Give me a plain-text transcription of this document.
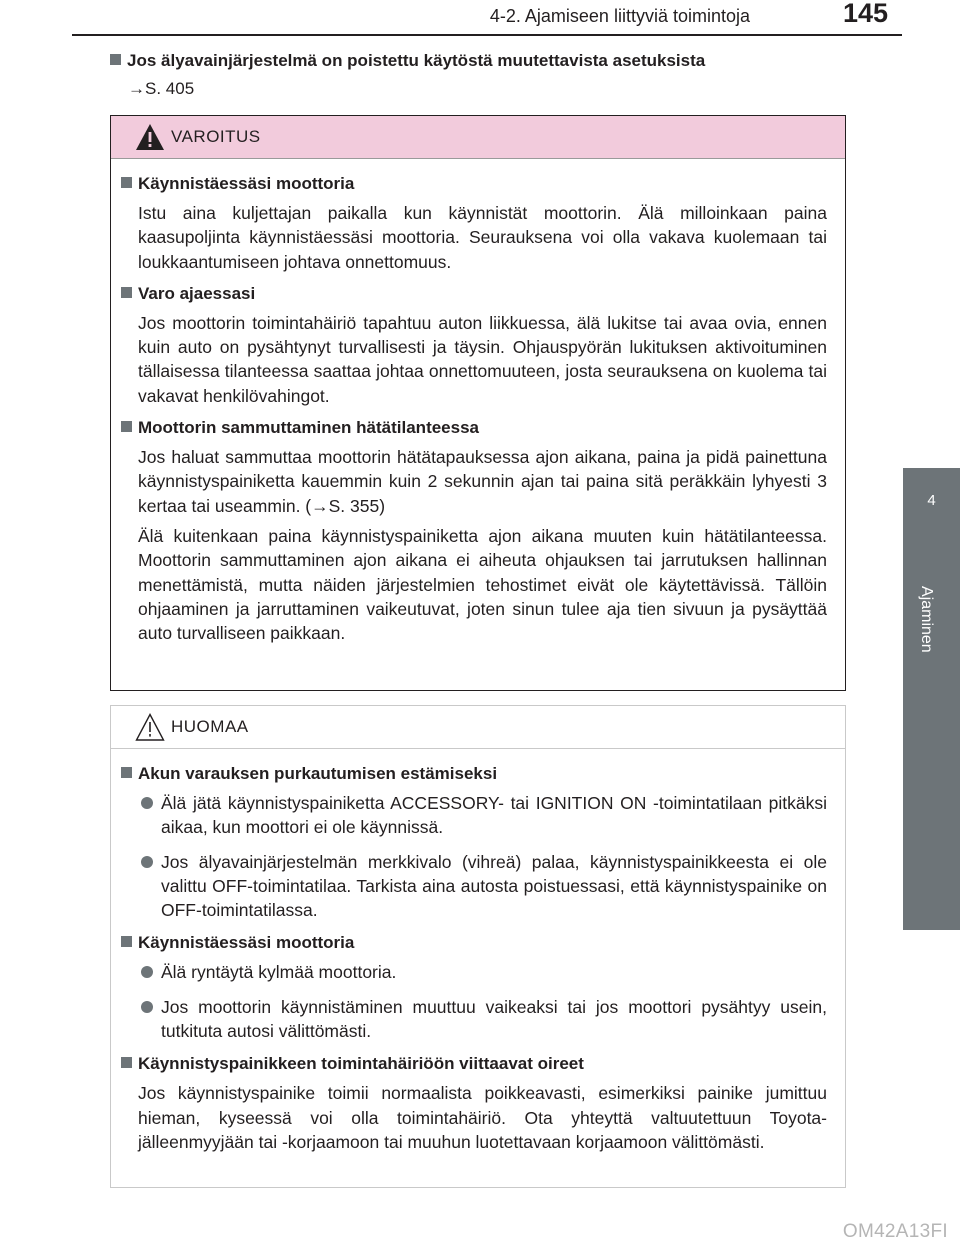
4-2. Ajamiseen liittyviä toimintoja	145
4
Ajaminen
Jos älyavainjärjestelmä on poistettu käytöstä muutettavista asetuksista
→S. 405
VAROITUS
Käynnistäessäsi moottoria
Istu aina kuljettajan paikalla kun käynnistät moottorin. Älä milloinkaan paina kaasupoljinta käynnistäessäsi moottoria. Seurauksena voi olla vakava kuolemaan tai loukkaantumiseen johtava onnettomuus.
Varo ajaessasi
Jos moottorin toimintahäiriö tapahtuu auton liikkuessa, älä lukitse tai avaa ovia, ennen kuin auto on pysähtynyt turvallisesti ja täysin. Ohjauspyörän lukituksen aktivoituminen tällaisessa tilanteessa saattaa johtaa onnettomuuteen, josta seurauksena on kuolema tai vakavat henkilövahingot.
Moottorin sammuttaminen hätätilanteessa
Jos haluat sammuttaa moottorin hätätapauksessa ajon aikana, paina ja pidä painettuna käynnistyspainiketta kauemmin kuin 2 sekunnin ajan tai paina sitä peräkkäin lyhyesti 3 kertaa tai useammin. (→S. 355)
Älä kuitenkaan paina käynnistyspainiketta ajon aikana muuten kuin hätätilanteessa. Moottorin sammuttaminen ajon aikana ei aiheuta ohjauksen tai jarrutuksen hallinnan menettämistä, mutta näiden järjestelmien tehostimet eivät ole käytettävissä. Tällöin ohjaaminen ja jarruttaminen vaikeutuvat, joten sinun tulee aja tien sivuun ja pysäyttää auto turvalliseen paikkaan.
HUOMAA
Akun varauksen purkautumisen estämiseksi
Älä jätä käynnistyspainiketta ACCESSORY- tai IGNITION ON -toimintatilaan pitkäksi aikaa, kun moottori ei ole käynnissä.
Jos älyavainjärjestelmän merkkivalo (vihreä) palaa, käynnistyspainikkeesta ei ole valittu OFF-toimintatilaa. Tarkista aina autosta poistuessasi, että käynnistyspainike on OFF-toimintatilassa.
Käynnistäessäsi moottoria
Älä ryntäytä kylmää moottoria.
Jos moottorin käynnistäminen muuttuu vaikeaksi tai jos moottori pysähtyy usein, tutkituta autosi välittömästi.
Käynnistyspainikkeen toimintahäiriöön viittaavat oireet
Jos käynnistyspainike toimii normaalista poikkeavasti, esimerkiksi painike jumittuu hieman, kyseessä voi olla toimintahäiriö. Ota yhteyttä valtuutettuun Toyota-jälleenmyyjään tai -korjaamoon tai muuhun luotettavaan korjaamoon välittömästi.
OM42A13FI
